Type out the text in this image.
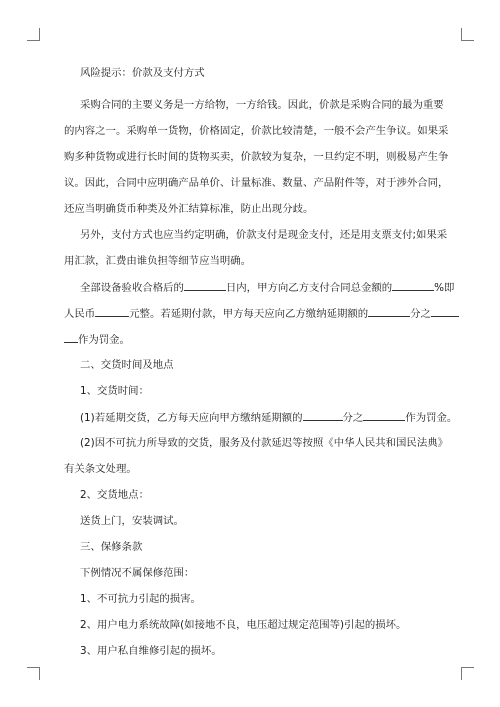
风险提示：价款及支付方式
采购合同的主要义务是一方给物，一方给钱。因此，价款是采购合同的最为重要
的内容之一。采购单一货物，价格固定，价款比较清楚，一般不会产生争议。如果采
购多种货物或进行长时间的货物买卖，价款较为复杂，一旦约定不明，则极易产生争
议。因此，合同中应明确产品单价、计量标准、数量、产品附件等，对于涉外合同，
还应当明确货币种类及外汇结算标准，防止出现分歧。
另外，支付方式也应当约定明确，价款支付是现金支付，还是用支票支付;如果采
用汇款，汇费由谁负担等细节应当明确。
全部设备验收合格后的	日内，甲方向乙方支付合同总金额的	%即
人民币	元整。若延期付款，甲方每天应向乙方缴纳延期额的	分之
作为罚金。
二、交货时间及地点
1、交货时间：
(1)若延期交货，乙方每天应向甲方缴纳延期额的	分之	作为罚金。
(2)因不可抗力所导致的交货，服务及付款延迟等按照《中华人民共和国民法典》
有关条文处理。
2、交货地点：
送货上门，安装调试。
三、保修条款
下例情况不属保修范围：
1、不可抗力引起的损害。
2、用户电力系统故障(如接地不良，电压超过规定范围等)引起的损坏。
3、用户私自维修引起的损坏。
